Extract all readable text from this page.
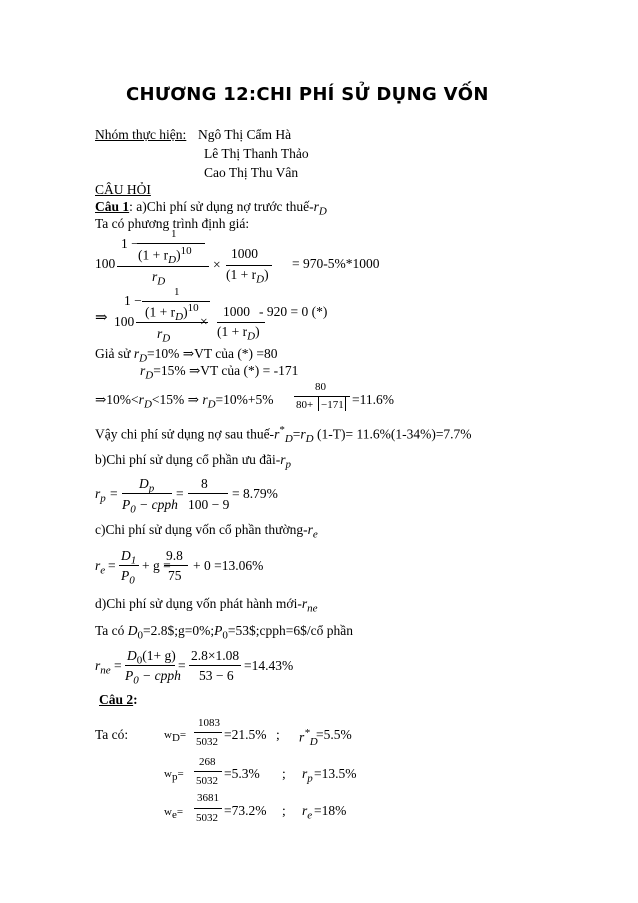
CHƯƠNG 12:CHI PHÍ SỬ DỤNG VỐN
Nhóm thực hiện: Ngô Thị Cẩm Hà
Lê Thị Thanh Thảo
Cao Thị Thu Vân
CÂU HỎI
Câu 1: a)Chi phí sử dụng nợ trước thuế-$r_D$
Ta có phương trình định giá:
100
1 −
1
$(1 + r_D)^{10}$
$r_D$
×
1000
$(1 + r_D)$
= 970-5%*1000
⇒ 100
1 −
1
$(1 + r_D)^{10}$
$r_D$
×
1000
$(1 + r_D)$
- 920 = 0 (*)
Giả sử $r_D=10\%$ ⇒VT của (*) =80
$r_D=15\%$ ⇒VT của (*) = -171
$\Rightarrow 10\%<r_D<15\%$ ⇒ $r_D=10\%+5\%$
80
80+ −171 =11.6%
Vậy chi phí sử dụng nợ sau thuế-$r^*_D=r_D$ (1-T)= 11.6%(1-34%)=7.7%
b)Chi phí sử dụng cổ phần ưu đãi-$r_p$
$r_p$ =
$D_p$
$P_0$ − cpph
=
8
100 − 9
= 8.79%
c)Chi phí sử dụng vốn cổ phần thường-$r_e$
$r_e$ =
$D_1$
$P_0$
+ g =
9.8
75
+ 0 =13.06%
d)Chi phí sử dụng vốn phát hành mới-$r_{ne}$
Ta có $D_0=2.8\$;g=0\%;P_0=53\$;cpph=6\$/cổ$ phần
$r_{ne}$ =
$D_0(1+ g)$
$P_0$ − cpph
=
2.8×1.08
53 − 6
=14.43%
Câu 2:
Ta có:	$w_D=$
1083
5032 =21.5% ; $r^*_D$
=5.5%
$w_p=$
268
5032 =5.3% ; $r_p =13.5\%$
$w_e=$
3681
5032 =73.2% ; $r_e =18\%$
